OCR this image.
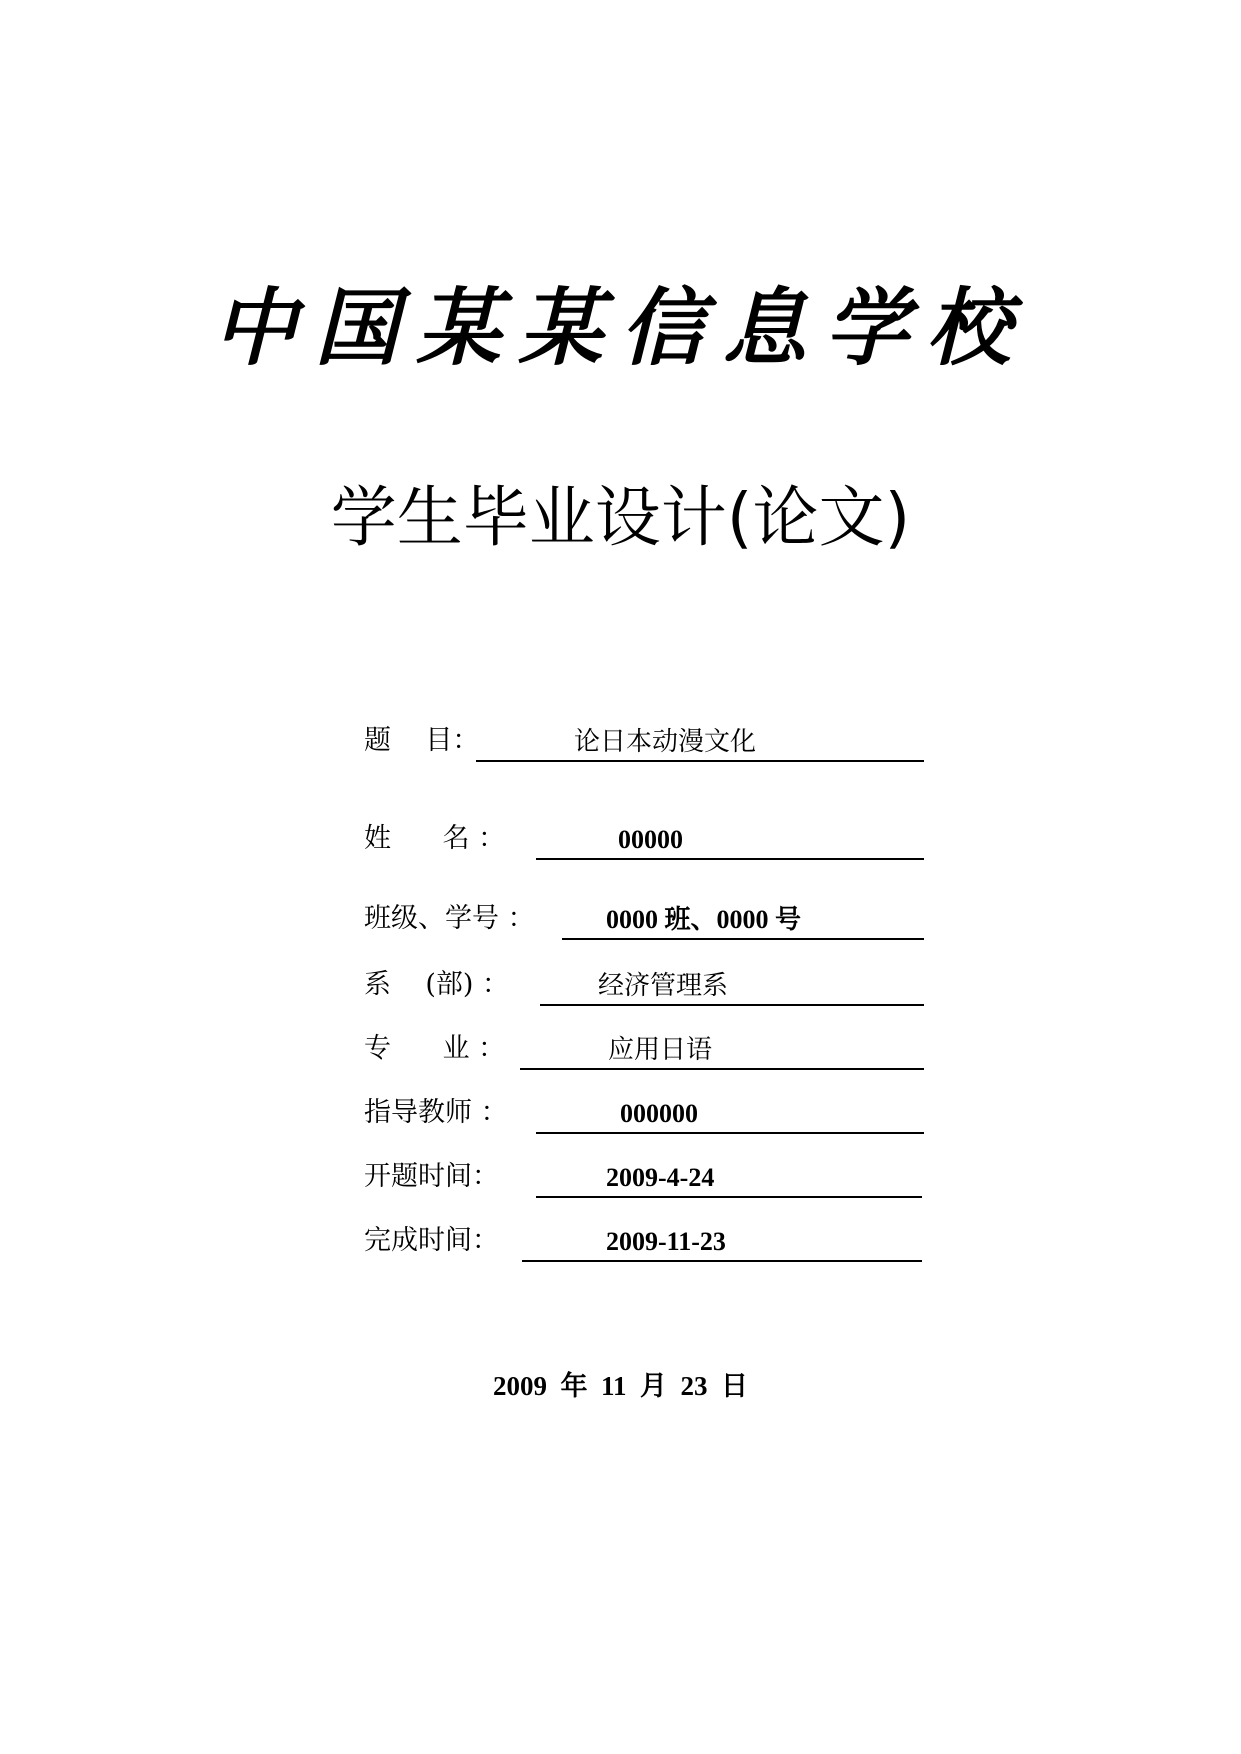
中国某某信息学校
学生毕业设计(论文)
题    目：	论日本动漫文化
姓      名 ：	00000
班级、学号 ：	0000 班、0000 号
系    (部) ：	经济管理系
专      业 ：	应用日语
指导教师 ：	000000
开题时间：	2009-4-24
完成时间：	2009-11-23
2009  年  11  月  23  日
